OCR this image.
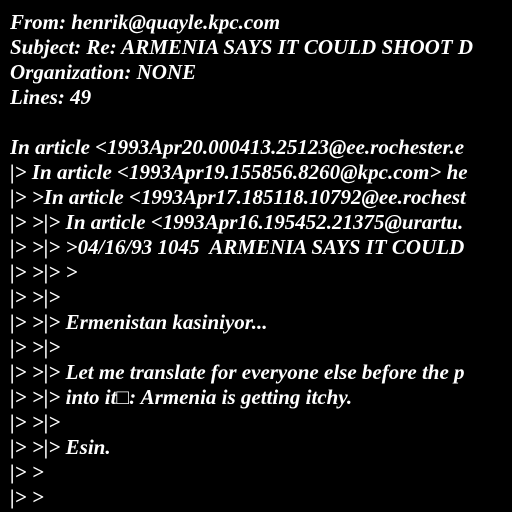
From: henrik@quayle.kpc.com
Subject: Re: ARMENIA SAYS IT COULD SHOOT D
Organization: NONE
Lines: 49
In article <1993Apr20.000413.25123@ee.rochester.e
|> In article <1993Apr19.155856.8260@kpc.com> he
|> >In article <1993Apr17.185118.10792@ee.rochest
|> >|> In article <1993Apr16.195452.21375@urartu.
|> >|> >04/16/93 1045  ARMENIA SAYS IT COULD
|> >|> >
|> >|>
|> >|> Ermenistan kasiniyor...
|> >|>
|> >|> Let me translate for everyone else before the p
|> >|> into it□: Armenia is getting itchy.
|> >|>
|> >|> Esin.
|> >
|> >
